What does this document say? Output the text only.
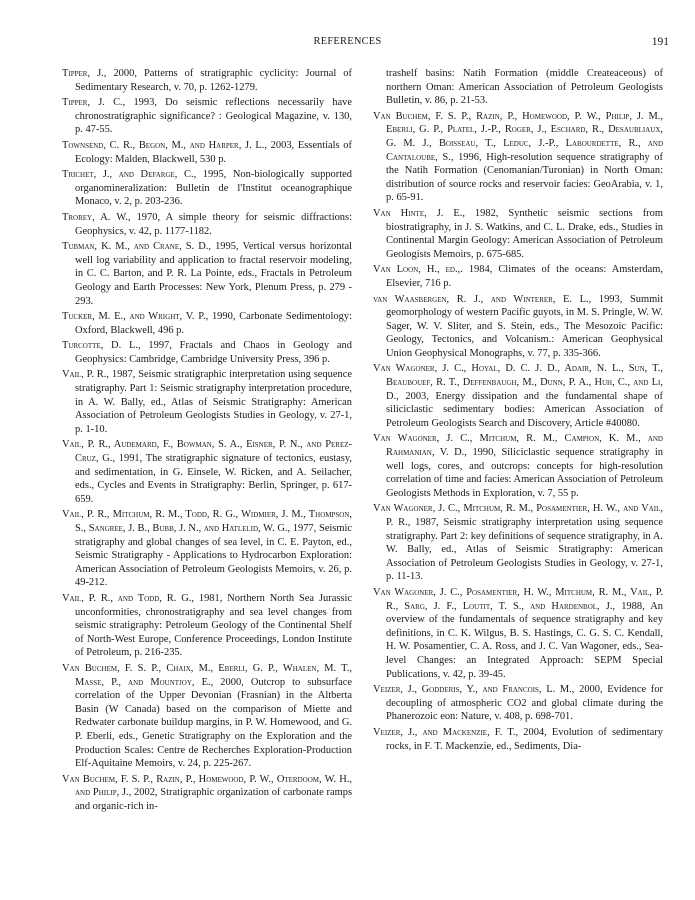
REFERENCES	191

Tipper, J., 2000, Patterns of stratigraphic cyclicity: Journal of Sedimentary Research, v. 70, p. 1262-1279.

Tipper, J. C., 1993, Do seismic reflections necessarily have chronostratigraphic significance? : Geological Magazine, v. 130, p. 47-55.

Townsend, C. R., Begon, M., and Harper, J. L., 2003, Essentials of Ecology: Malden, Blackwell, 530 p.

Trichet, J., and Defarge, C., 1995, Non-biologically supported organomineralization: Bulletin de l'Institut oceanographique Monaco, v. 2, p. 203-236.

Trorey, A. W., 1970, A simple theory for seismic diffractions: Geophysics, v. 42, p. 1177-1182.

Tubman, K. M., and Crane, S. D., 1995, Vertical versus horizontal well log variability and application to fractal reservoir modeling, in C. C. Barton, and P. R. La Pointe, eds., Fractals in Petroleum Geology and Earth Processes: New York, Plenum Press, p. 279 - 293.

Tucker, M. E., and Wright, V. P., 1990, Carbonate Sedimentology: Oxford, Blackwell, 496 p.

Turcotte, D. L., 1997, Fractals and Chaos in Geology and Geophysics: Cambridge, Cambridge University Press, 396 p.

Vail, P. R., 1987, Seismic stratigraphic interpretation using sequence stratigraphy. Part 1: Seismic stratigraphy interpretation procedure, in A. W. Bally, ed., Atlas of Seismic Stratigraphy: American Association of Petroleum Geologists Studies in Geology, v. 27-1, p. 1-10.

Vail, P. R., Audemard, F., Bowman, S. A., Eisner, P. N., and Perez-Cruz, G., 1991, The stratigraphic signature of tectonics, eustasy, and sedimentation, in G. Einsele, W. Ricken, and A. Seilacher, eds., Cycles and Events in Stratigraphy: Berlin, Springer, p. 617-659.

Vail, P. R., Mitchum, R. M., Todd, R. G., Widmier, J. M., Thompson, S., Sangree, J. B., Bubb, J. N., and Hatlelid, W. G., 1977, Seismic stratigraphy and global changes of sea level, in C. E. Payton, ed., Seismic Stratigraphy - Applications to Hydrocarbon Exploration: American Association of Petroleum Geologists Memoirs, v. 26, p. 49-212.

Vail, P. R., and Todd, R. G., 1981, Northern North Sea Jurassic unconformities, chronostratigraphy and sea level changes from seismic stratigraphy: Petroleum Geology of the Continental Shelf of North-West Europe, Conference Proceedings, London Institute of Petroleum, p. 216-235.

Van Buchem, F. S. P., Chaix, M., Eberli, G. P., Whalen, M. T., Masse, P., and Mountjoy, E., 2000, Outcrop to subsurface correlation of the Upper Devonian (Frasnian) in the Altberta Basin (W Canada) based on the comparison of Miette and Redwater carbonate buildup margins, in P. W. Homewood, and G. P. Eberli, eds., Genetic Stratigraphy on the Exploration and the Production Scales: Centre de Recherches Exploration-Production Elf-Aquitaine Memoirs, v. 24, p. 225-267.

Van Buchem, F. S. P., Razin, P., Homewood, P. W., Oterdoom, W. H., and Philip, J., 2002, Stratigraphic organization of carbonate ramps and organic-rich in-

trashelf basins: Natih Formation (middle Createaceous) of northern Oman: American Association of Petroleum Geologists Bulletin, v. 86, p. 21-53.

Van Buchem, F. S. P., Razin, P., Homewood, P. W., Philip, J. M., Eberli, G. P., Platel, J.-P., Roger, J., Eschard, R., Desaubliaux, G. M. J., Boisseau, T., Leduc, J.-P., Labourdette, R., and Cantaloube, S., 1996, High-resolution sequence stratigraphy of the Natih Formation (Cenomanian/Turonian) in North Oman: distribution of source rocks and reservoir facies: GeoArabia, v. 1, p. 65-91.

Van Hinte, J. E., 1982, Synthetic seismic sections from biostratigraphy, in J. S. Watkins, and C. L. Drake, eds., Studies in Continental Margin Geology: American Association of Petroleum Geologists Memoirs, p. 675-685.

Van Loon, H., ed.,. 1984, Climates of the oceans: Amsterdam, Elsevier, 716 p.

van Waasbergen, R. J., and Winterer, E. L., 1993, Summit geomorphology of western Pacific guyots, in M. S. Pringle, W. W. Sager, W. V. Sliter, and S. Stein, eds., The Mesozoic Pacific: Geology, Tectonics, and Volcanism.: American Geophysical Union Geophysical Monographs, v. 77, p. 335-366.

Van Wagoner, J. C., Hoyal, D. C. J. D., Adair, N. L., Sun, T., Beaubouef, R. T., Deffenbaugh, M., Dunn, P. A., Huh, C., and Li, D., 2003, Energy dissipation and the fundamental shape of siliciclastic sedimentary bodies: American Association of Petroleum Geologists Search and Discovery, Article #40080.

Van Wagoner, J. C., Mitchum, R. M., Campion, K. M., and Rahmanian, V. D., 1990, Siliciclastic sequence stratigraphy in well logs, cores, and outcrops: concepts for high-resolution correlation of time and facies: American Association of Petroleum Geologists Methods in Exploration, v. 7, 55 p.

Van Wagoner, J. C., Mitchum, R. M., Posamentier, H. W., and Vail, P. R., 1987, Seismic stratigraphy interpretation using sequence stratigraphy. Part 2: key definitions of sequence stratigraphy, in A. W. Bally, ed., Atlas of Seismic Stratigraphy: American Association of Petroleum Geologists Studies in Geology, v. 27-1, p. 11-13.

Van Wagoner, J. C., Posamentier, H. W., Mitchum, R. M., Vail, P. R., Sarg, J. F., Loutit, T. S., and Hardenbol, J., 1988, An overview of the fundamentals of sequence stratigraphy and key definitions, in C. K. Wilgus, B. S. Hastings, C. G. S. C. Kendall, H. W. Posamentier, C. A. Ross, and J. C. Van Wagoner, eds., Sea-level Changes: an Integrated Approach: SEPM Special Publications, v. 42, p. 39-45.

Veizer, J., Godderis, Y., and Francois, L. M., 2000, Evidence for decoupling of atmospheric CO2 and global climate during the Phanerozoic eon: Nature, v. 408, p. 698-701.

Veizer, J., and Mackenzie, F. T., 2004, Evolution of sedimentary rocks, in F. T. Mackenzie, ed., Sediments, Dia-
